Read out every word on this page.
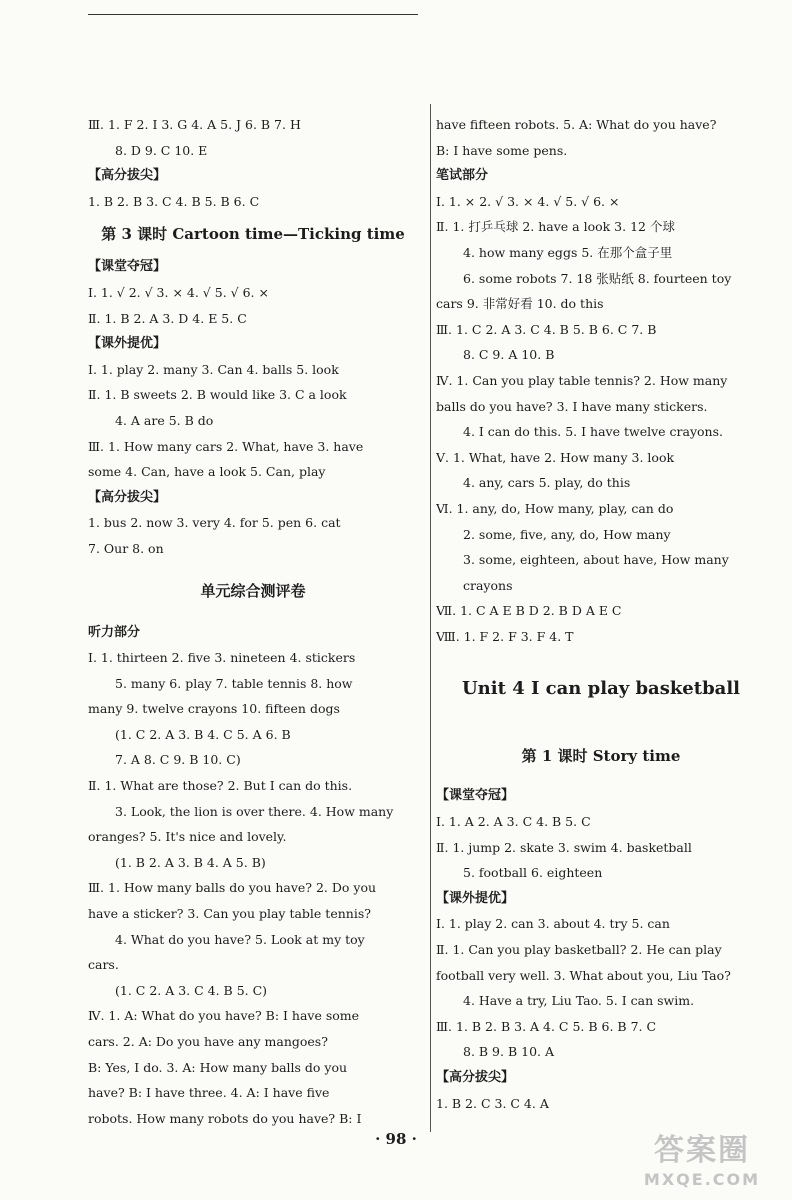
Ⅲ. 1. F 2. I 3. G 4. A 5. J 6. B 7. H
8. D 9. C 10. E
【高分拔尖】
1. B 2. B 3. C 4. B 5. B 6. C
第 3 课时 Cartoon time—Ticking time
【课堂夺冠】
Ⅰ. 1. √ 2. √ 3. × 4. √ 5. √ 6. ×
Ⅱ. 1. B 2. A 3. D 4. E 5. C
【课外提优】
Ⅰ. 1. play 2. many 3. Can 4. balls 5. look
Ⅱ. 1. B sweets 2. B would like 3. C a look
4. A are 5. B do
Ⅲ. 1. How many cars 2. What, have 3. have
some 4. Can, have a look 5. Can, play
【高分拔尖】
1. bus 2. now 3. very 4. for 5. pen 6. cat
7. Our 8. on
单元综合测评卷
听力部分
Ⅰ. 1. thirteen 2. five 3. nineteen 4. stickers
5. many 6. play 7. table tennis 8. how
many 9. twelve crayons 10. fifteen dogs
(1. C 2. A 3. B 4. C 5. A 6. B
7. A 8. C 9. B 10. C)
Ⅱ. 1. What are those? 2. But I can do this.
3. Look, the lion is over there. 4. How many
oranges? 5. It's nice and lovely.
(1. B 2. A 3. B 4. A 5. B)
Ⅲ. 1. How many balls do you have? 2. Do you
have a sticker? 3. Can you play table tennis?
4. What do you have? 5. Look at my toy
cars.
(1. C 2. A 3. C 4. B 5. C)
Ⅳ. 1. A: What do you have? B: I have some
cars. 2. A: Do you have any mangoes?
B: Yes, I do. 3. A: How many balls do you
have? B: I have three. 4. A: I have five
robots. How many robots do you have? B: I
have fifteen robots. 5. A: What do you have?
B: I have some pens.
笔试部分
Ⅰ. 1. × 2. √ 3. × 4. √ 5. √ 6. ×
Ⅱ. 1. 打乒乓球 2. have a look 3. 12 个球
4. how many eggs 5. 在那个盒子里
6. some robots 7. 18 张贴纸 8. fourteen toy
cars 9. 非常好看 10. do this
Ⅲ. 1. C 2. A 3. C 4. B 5. B 6. C 7. B
8. C 9. A 10. B
Ⅳ. 1. Can you play table tennis? 2. How many
balls do you have? 3. I have many stickers.
4. I can do this. 5. I have twelve crayons.
Ⅴ. 1. What, have 2. How many 3. look
4. any, cars 5. play, do this
Ⅵ. 1. any, do, How many, play, can do
2. some, five, any, do, How many
3. some, eighteen, about have, How many
crayons
Ⅶ. 1. C A E B D 2. B D A E C
Ⅷ. 1. F 2. F 3. F 4. T
Unit 4 I can play basketball
第 1 课时 Story time
【课堂夺冠】
Ⅰ. 1. A 2. A 3. C 4. B 5. C
Ⅱ. 1. jump 2. skate 3. swim 4. basketball
5. football 6. eighteen
【课外提优】
Ⅰ. 1. play 2. can 3. about 4. try 5. can
Ⅱ. 1. Can you play basketball? 2. He can play
football very well. 3. What about you, Liu Tao?
4. Have a try, Liu Tao. 5. I can swim.
Ⅲ. 1. B 2. B 3. A 4. C 5. B 6. B 7. C
8. B 9. B 10. A
【高分拔尖】
1. B 2. C 3. C 4. A
· 98 ·	答案圈
MXQE.COM
